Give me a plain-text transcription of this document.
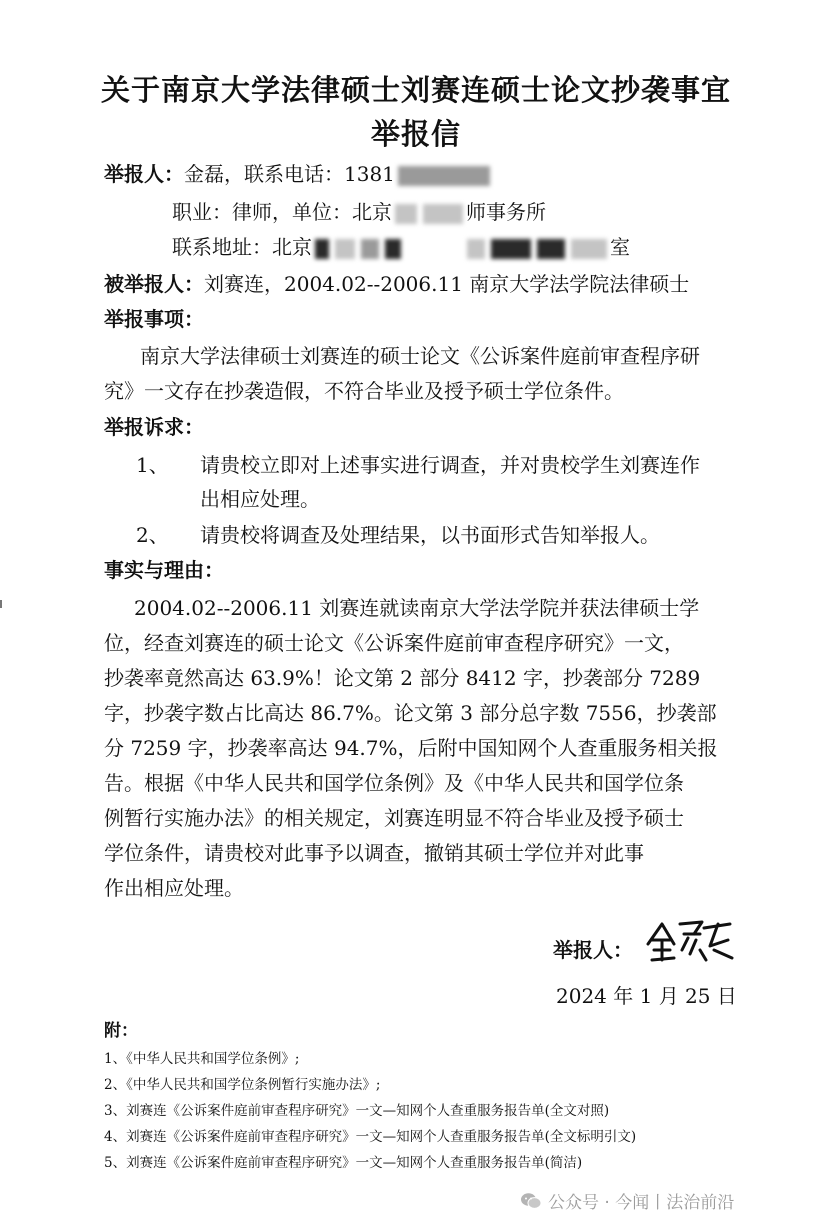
关于南京大学法律硕士刘赛连硕士论文抄袭事宜
举报信
举报人：金磊，联系电话：1381
职业：律师，单位：北京	师事务所
联系地址：北京	室
被举报人：刘赛连，2004.02--2006.11 南京大学法学院法律硕士
举报事项：
南京大学法律硕士刘赛连的硕士论文《公诉案件庭前审查程序研
究》一文存在抄袭造假，不符合毕业及授予硕士学位条件。
举报诉求：
1、 请贵校立即对上述事实进行调查，并对贵校学生刘赛连作
出相应处理。
2、 请贵校将调查及处理结果，以书面形式告知举报人。
事实与理由：
2004.02--2006.11 刘赛连就读南京大学法学院并获法律硕士学
位，经查刘赛连的硕士论文《公诉案件庭前审查程序研究》一文，
抄袭率竟然高达 63.9%！论文第 2 部分 8412 字，抄袭部分 7289
字，抄袭字数占比高达 86.7%。论文第 3 部分总字数 7556，抄袭部
分 7259 字，抄袭率高达 94.7%，后附中国知网个人查重服务相关报
告。根据《中华人民共和国学位条例》及《中华人民共和国学位条
例暂行实施办法》的相关规定，刘赛连明显不符合毕业及授予硕士
学位条件，请贵校对此事予以调查，撤销其硕士学位并对此事
作出相应处理。
举报人：
2024 年 1 月 25 日
附：
1、《中华人民共和国学位条例》;
2、《中华人民共和国学位条例暂行实施办法》;
3、刘赛连《公诉案件庭前审查程序研究》一文—知网个人查重服务报告单(全文对照)
4、刘赛连《公诉案件庭前审查程序研究》一文—知网个人查重服务报告单(全文标明引文)
5、刘赛连《公诉案件庭前审查程序研究》一文—知网个人查重服务报告单(简洁)
公众号 · 今闻丨法治前沿
